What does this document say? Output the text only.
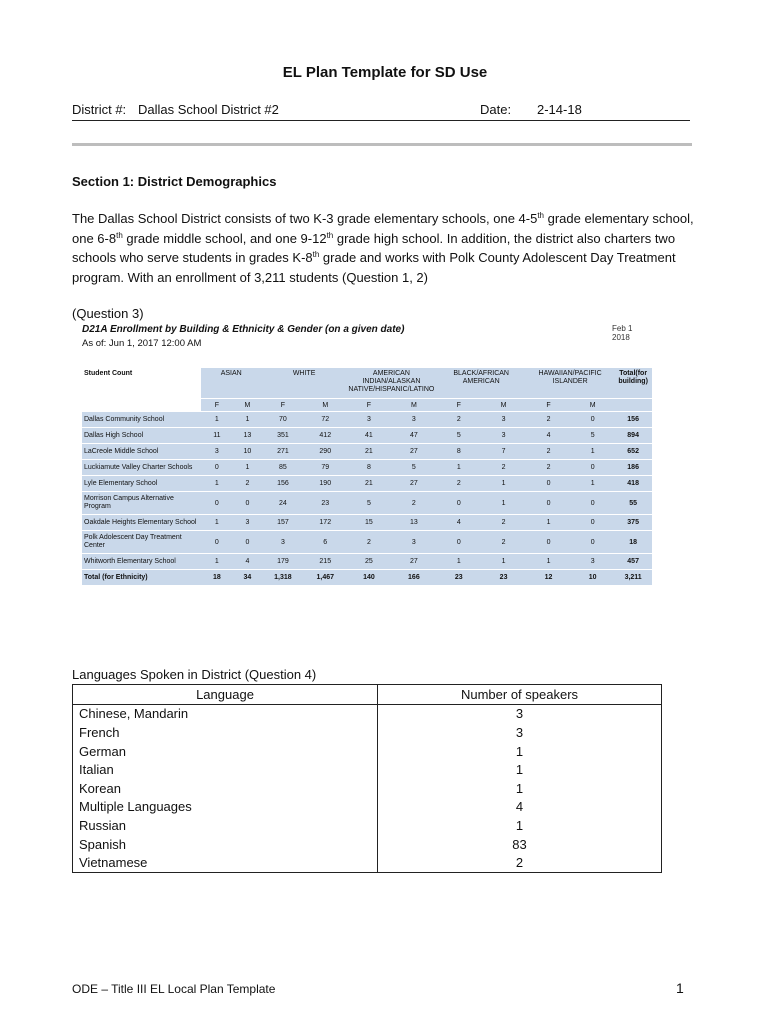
EL Plan Template for SD Use
District #: Dallas School District #2	Date: 2-14-18
Section 1: District Demographics
The Dallas School District consists of two K-3 grade elementary schools, one 4-5th grade elementary school, one 6-8th grade middle school, and one 9-12th grade high school. In addition, the district also charters two schools who serve students in grades K-8th grade and works with Polk County Adolescent Day Treatment program. With an enrollment of 3,211 students (Question 1, 2)
(Question 3)
D21A Enrollment by Building & Ethnicity & Gender (on a given date)
As of: Jun 1, 2017 12:00 AM
Feb 1 2018
Student Count	ASIAN		WHITE		AMERICAN INDIAN/ALASKAN NATIVE/HISPANIC/LATINO		BLACK/AFRICAN AMERICAN		HAWAIIAN/PACIFIC ISLANDER		Total(for building)
	F	M	F	M	F	M	F	M	F	M	
Dallas Community School	1	1	70	72	3	3	2	3	2	0	156
Dallas High School	11	13	351	412	41	47	5	3	4	5	894
LaCreole Middle School	3	10	271	290	21	27	8	7	2	1	652
Luckiamute Valley Charter Schools	0	1	85	79	8	5	1	2	2	0	186
Lyle Elementary School	1	2	156	190	21	27	2	1	0	1	418
Morrison Campus Alternative Program	0	0	24	23	5	2	0	1	0	0	55
Oakdale Heights Elementary School	1	3	157	172	15	13	4	2	1	0	375
Polk Adolescent Day Treatment Center	0	0	3	6	2	3	0	2	0	0	18
Whitworth Elementary School	1	4	179	215	25	27	1	1	1	3	457
Total (for Ethnicity)	18	34	1,318	1,467	140	166	23	23	12	10	3,211
Languages Spoken in District (Question 4)
Language	Number of speakers
Chinese, Mandarin	3
French	3
German	1
Italian	1
Korean	1
Multiple Languages	4
Russian	1
Spanish	83
Vietnamese	2
ODE – Title III EL Local Plan Template	1
